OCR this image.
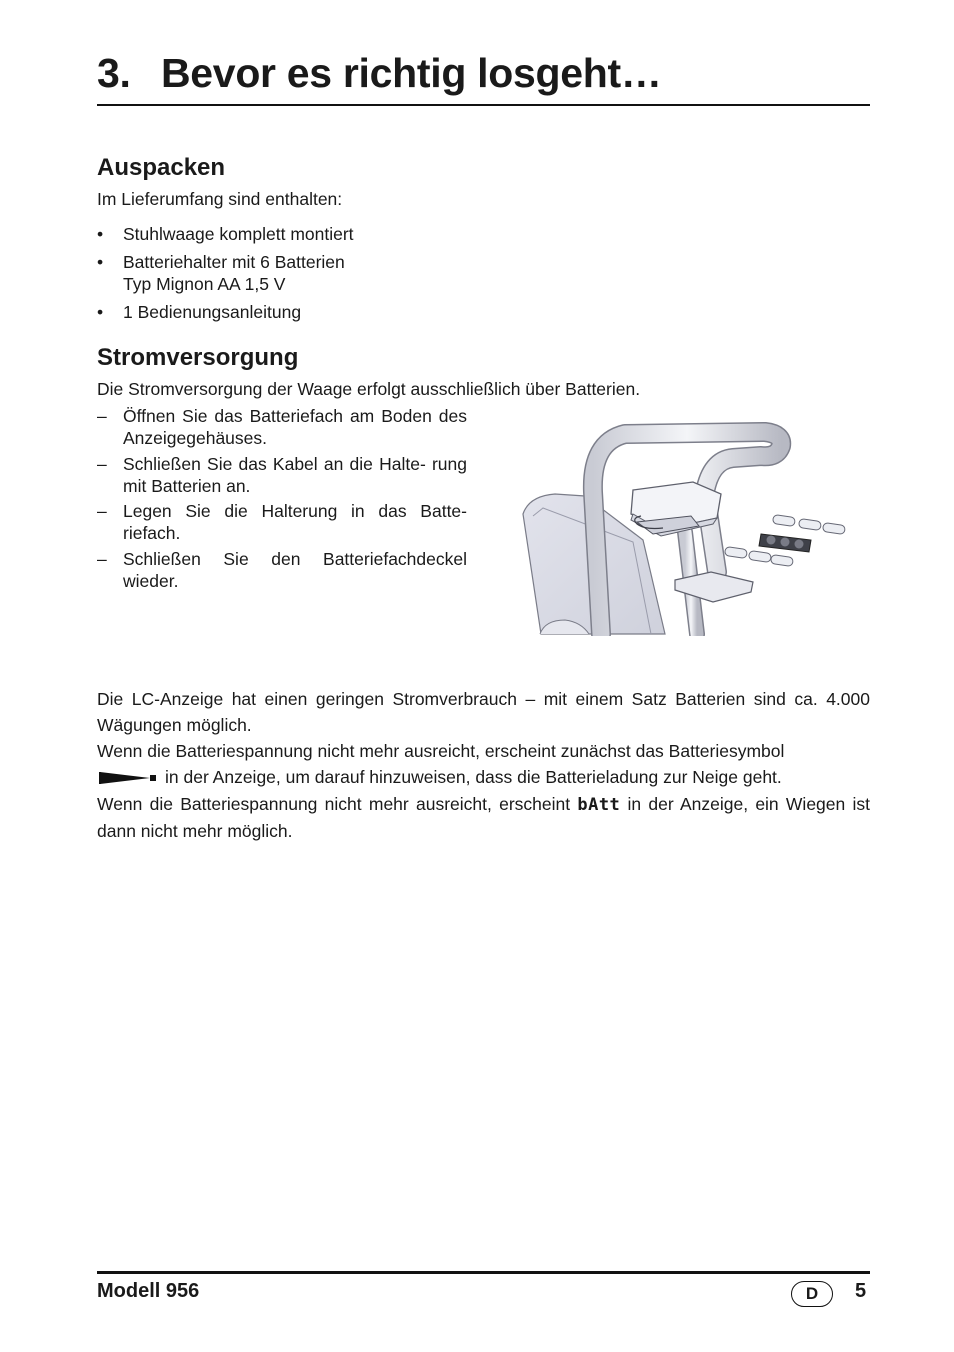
3. Bevor es richtig losgeht…
Auspacken
Im Lieferumfang sind enthalten:
•	Stuhlwaage komplett montiert
•	Batteriehalter mit 6 Batterien
Typ Mignon AA 1,5 V
•	1 Bedienungsanleitung
Stromversorgung
Die Stromversorgung der Waage erfolgt ausschließlich über Batterien.
– Öffnen Sie das Batteriefach am Boden des Anzeigegehäuses.
– Schließen Sie das Kabel an die Halte- rung mit Batterien an.
– Legen Sie die Halterung in das Batte- riefach.
– Schließen Sie den Batteriefachdeckel wieder.
Die LC-Anzeige hat einen geringen Stromverbrauch – mit einem Satz Batterien sind ca. 4.000 Wägungen möglich.
Wenn die Batteriespannung nicht mehr ausreicht, erscheint zunächst das Batteriesymbol
in der Anzeige, um darauf hinzuweisen, dass die Batterieladung zur Neige geht.
Wenn die Batteriespannung nicht mehr ausreicht, erscheint bAtt in der Anzeige, ein Wiegen ist dann nicht mehr möglich.
Modell 956	D	5
